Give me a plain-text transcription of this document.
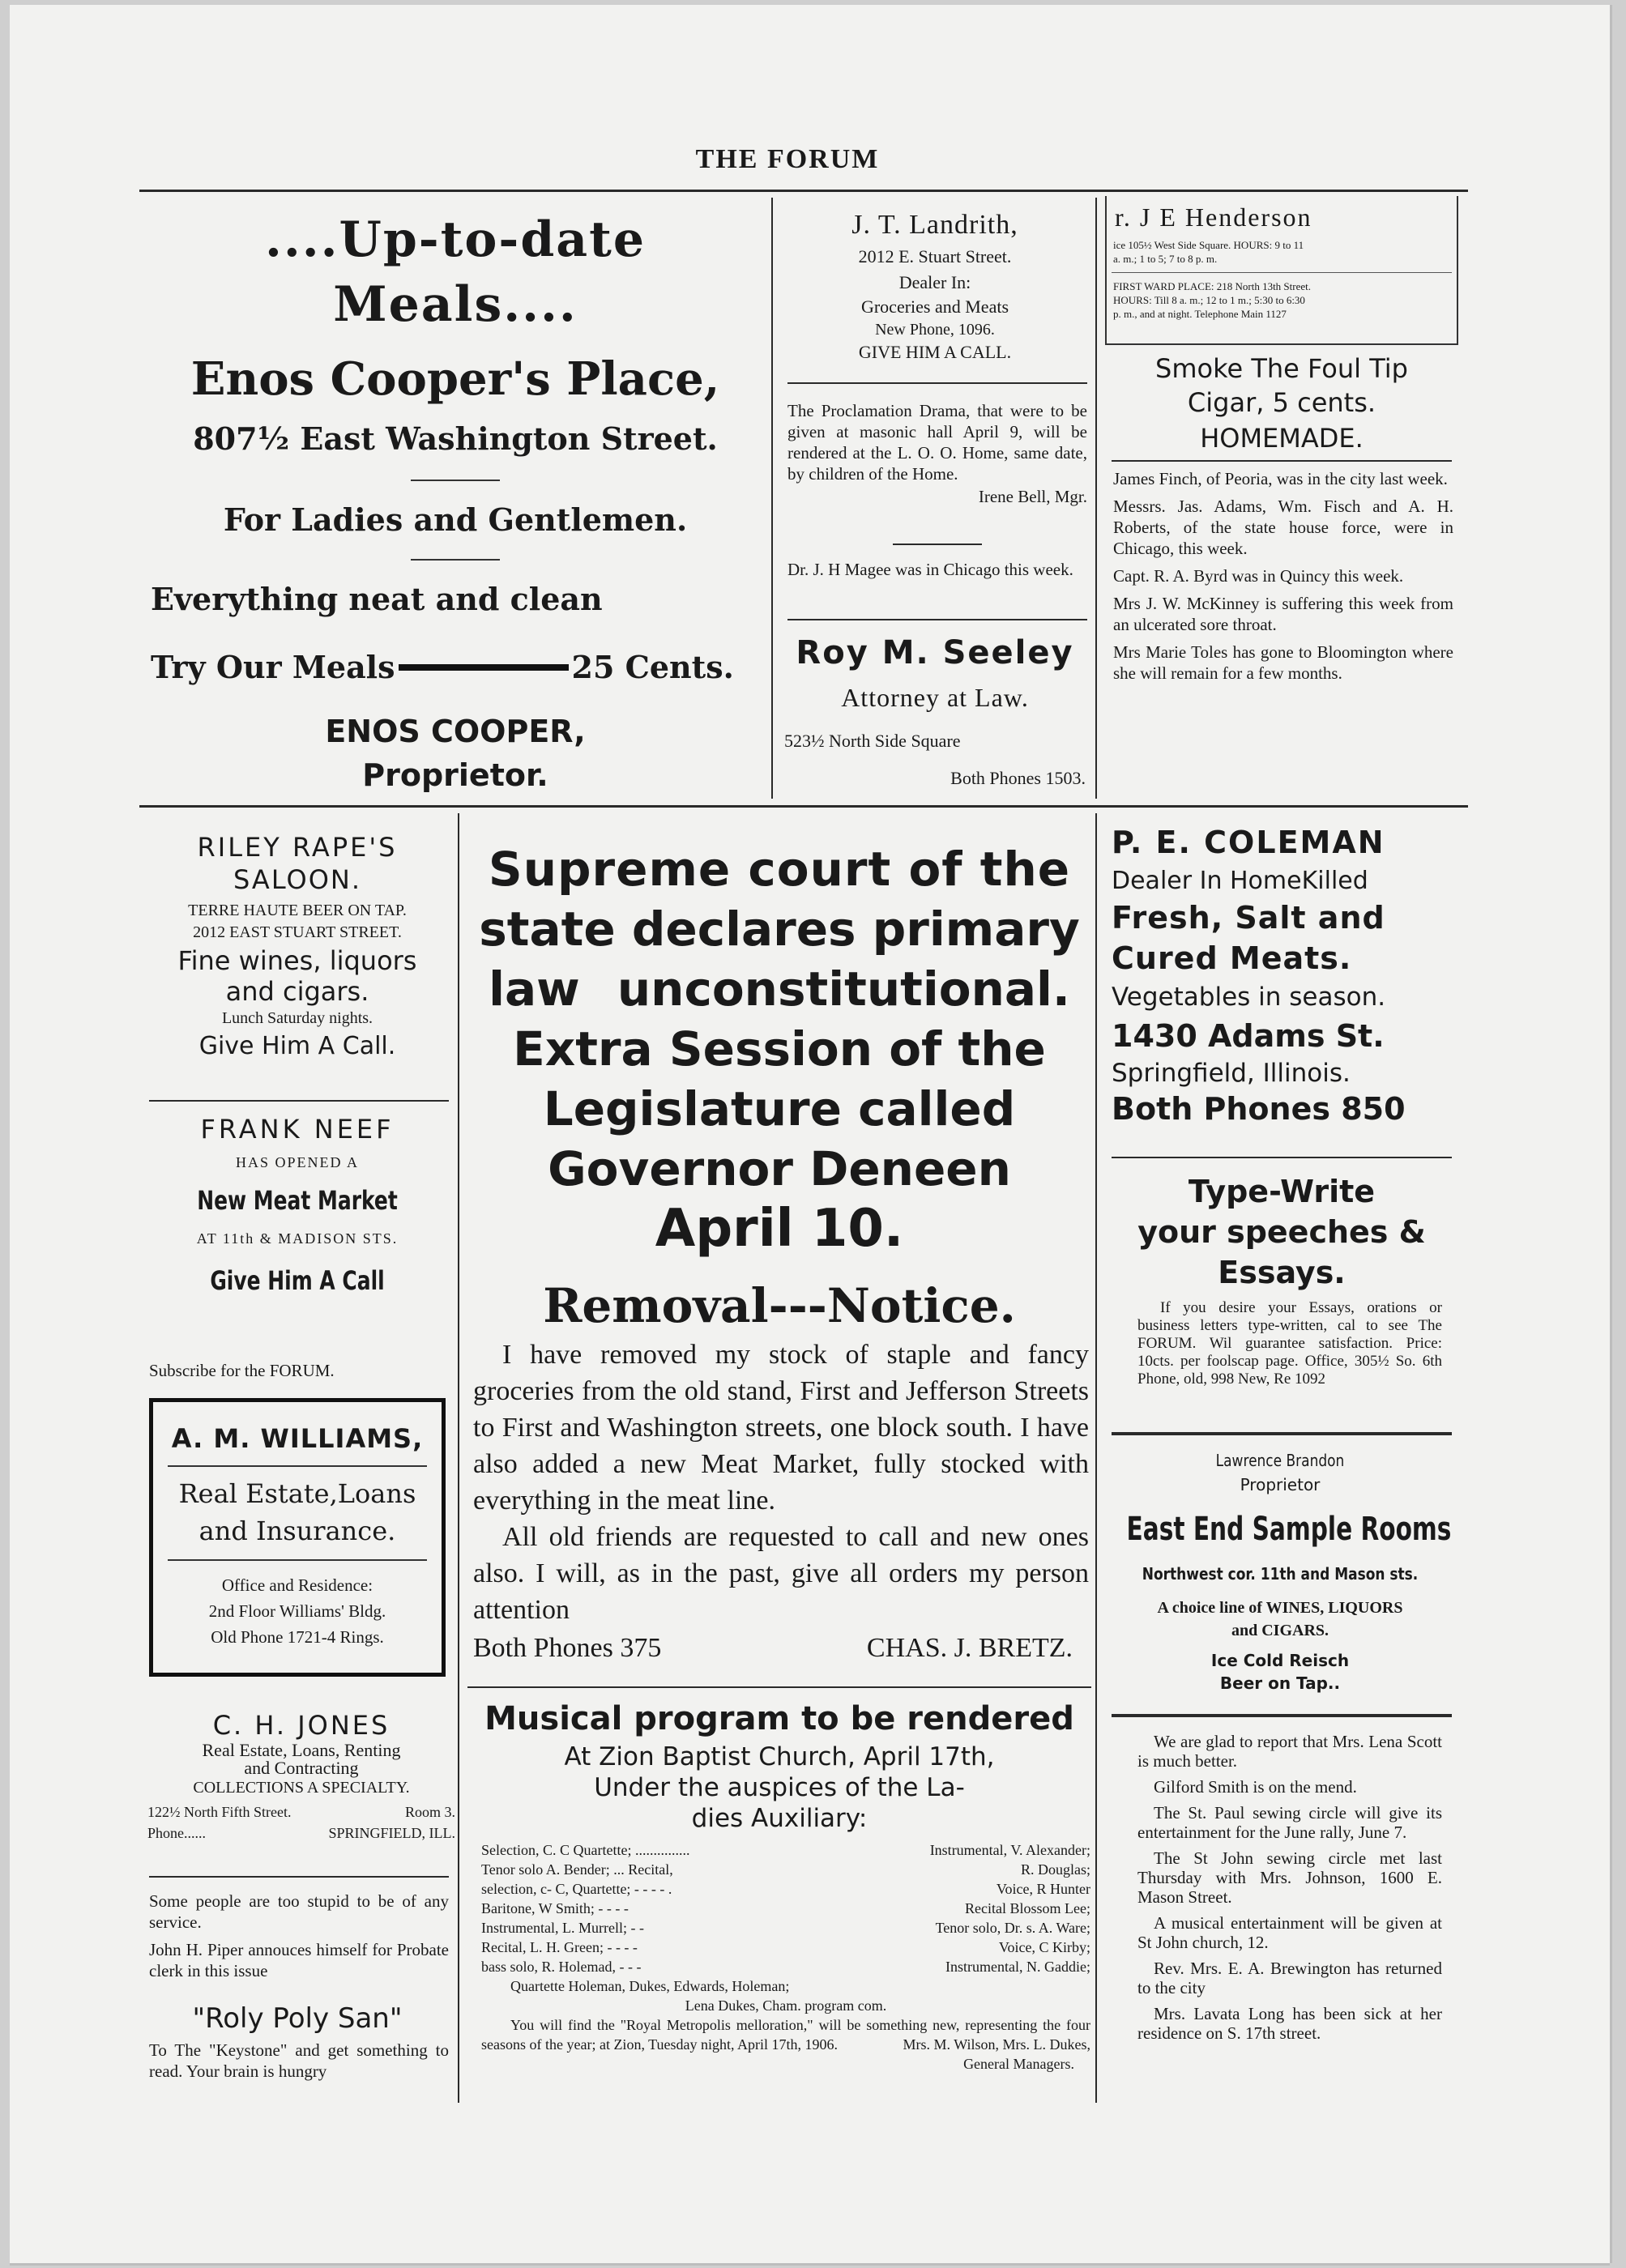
THE FORUM
....Up-to-date Meals....
Enos Cooper's Place,
807½ East Washington Street.
For Ladies and Gentlemen.
Everything neat and clean
Try Our Meals	25 Cents.
ENOS COOPER,
Proprietor.
J. T. Landrith,
2012 E. Stuart Street.
Dealer In:
Groceries and Meats
New Phone, 1096.
GIVE HIM A CALL.

The Proclamation Drama, that were to be given at masonic hall April 9, will be rendered at the L. O. O. Home, same date, by children of the Home.

Irene Bell, Mgr.

Dr. J. H Magee was in Chicago this week.

Roy M. Seeley
Attorney at Law.
523½ North Side Square
Both Phones 1503.
r. J E Henderson
ice 105½ West Side Square. HOURS: 9 to 11
a. m.; 1 to 5; 7 to 8 p. m.
FIRST WARD PLACE: 218 North 13th Street.
HOURS: Till 8 a. m.; 12 to 1 m.; 5:30 to 6:30
p. m., and at night. Telephone Main 1127
Smoke The Foul Tip
Cigar, 5 cents.
HOMEMADE.

James Finch, of Peoria, was in the city last week.

Messrs. Jas. Adams, Wm. Fisch and A. H. Roberts, of the state house force, were in Chicago, this week.

Capt. R. A. Byrd was in Quincy this week.

Mrs J. W. McKinney is suffering this week from an ulcerated sore throat.

Mrs Marie Toles has gone to Bloomington where she will remain for a few months.

RILEY RAPE'S
SALOON.
TERRE HAUTE BEER ON TAP.
2012 EAST STUART STREET.
Fine wines, liquors
and cigars.
Lunch Saturday nights.
Give Him A Call.
FRANK NEEF
HAS OPENED A
New Meat Market
AT 11th & MADISON STS.
Give Him A Call
Subscribe for the FORUM.
A. M. WILLIAMS,
Real Estate,Loans
and Insurance.
Office and Residence:
2nd Floor Williams' Bldg.
Old Phone 1721-4 Rings.
C. H. JONES
Real Estate, Loans, Renting
and Contracting
COLLECTIONS A SPECIALTY.
122½ North Fifth Street.	Room 3.
Phone......	SPRINGFIELD, ILL.

Some people are too stupid to be of any service.

John H. Piper annouces himself for Probate clerk in this issue

"Roly Poly San"

To The "Keystone" and get something to read. Your brain is hungry

Supreme court of the
state declares primary
law unconstitutional.
Extra Session of the
Legislature called
Governor Deneen
April 10.
Removal---Notice.

I have removed my stock of staple and fancy groceries from the old stand, First and Jefferson Streets to First and Washington streets, one block south. I have also added a new Meat Market, fully stocked with everything in the meat line.

All old friends are requested to call and new ones also. I will, as in the past, give all orders my person attention

Both Phones 375	CHAS. J. BRETZ.
Musical program to be rendered
At Zion Baptist Church, April 17th,
Under the auspices of the La-
dies Auxiliary:
Selection, C. C Quartette; ...............	Instrumental, V. Alexander;
Tenor solo A. Bender; ... Recital,	R. Douglas;
selection, c- C, Quartette; - - - - .	Voice, R Hunter
Baritone, W Smith; - - - -	Recital Blossom Lee;
Instrumental, L. Murrell; - -	Tenor solo, Dr. s. A. Ware;
Recital, L. H. Green; - - - -	Voice, C Kirby;
bass solo, R. Holemad, - - -	Instrumental, N. Gaddie;
Quartette Holeman, Dukes, Edwards, Holeman;
Lena Dukes, Cham. program com.
You will find the "Royal Metropolis melloration," will be something new, representing the four seasons of the year; at Zion, Tuesday night, April 17th, 1906.	Mrs. M. Wilson, Mrs. L. Dukes,
General Managers.
P. E. COLEMAN
Dealer In HomeKilled
Fresh, Salt and
Cured Meats.
Vegetables in season.
1430 Adams St.
Springfield, Illinois.
Both Phones 850
Type-Write
your speeches &
Essays.
If you desire your Essays, orations or business letters type-written, cal to see The FORUM. Wil guarantee satisfaction. Price: 10cts. per foolscap page. Office, 305½ So. 6th Phone, old, 998 New, Re 1092
Lawrence Brandon
Proprietor
East End Sample Rooms
Northwest cor. 11th and Mason sts.
A choice line of WINES, LIQUORS
and CIGARS.
Ice Cold Reisch
Beer on Tap..

We are glad to report that Mrs. Lena Scott is much better.

Gilford Smith is on the mend.

The St. Paul sewing circle will give its entertainment for the June rally, June 7.

The St John sewing circle met last Thursday with Mrs. Johnson, 1600 E. Mason Street.

A musical entertainment will be given at St John church, 12.

Rev. Mrs. E. A. Brewington has returned to the city

Mrs. Lavata Long has been sick at her residence on S. 17th street.
